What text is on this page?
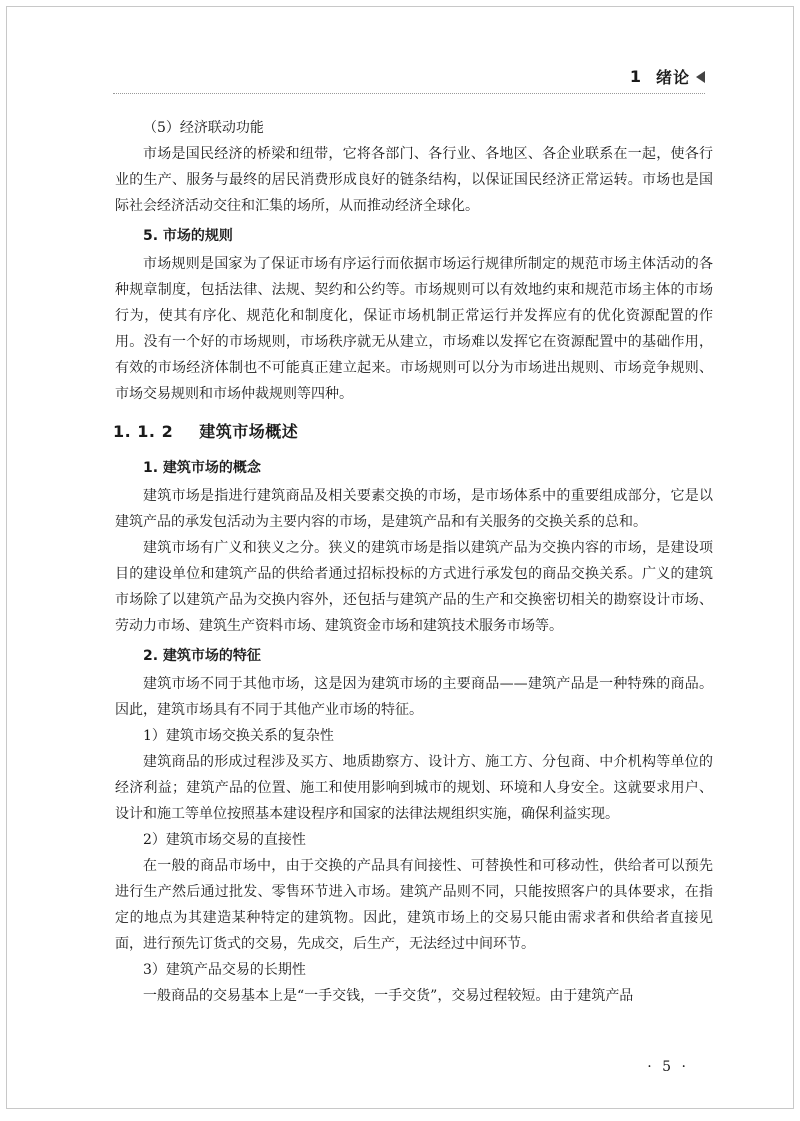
1 绪论

（5）经济联动功能

市场是国民经济的桥梁和纽带，它将各部门、各行业、各地区、各企业联系在一起，使各行业的生产、服务与最终的居民消费形成良好的链条结构，以保证国民经济正常运转。市场也是国际社会经济活动交往和汇集的场所，从而推动经济全球化。

5. 市场的规则

市场规则是国家为了保证市场有序运行而依据市场运行规律所制定的规范市场主体活动的各种规章制度，包括法律、法规、契约和公约等。市场规则可以有效地约束和规范市场主体的市场行为，使其有序化、规范化和制度化，保证市场机制正常运行并发挥应有的优化资源配置的作用。没有一个好的市场规则，市场秩序就无从建立，市场难以发挥它在资源配置中的基础作用，有效的市场经济体制也不可能真正建立起来。市场规则可以分为市场进出规则、市场竞争规则、市场交易规则和市场仲裁规则等四种。

1. 1. 2 建筑市场概述

1. 建筑市场的概念

建筑市场是指进行建筑商品及相关要素交换的市场，是市场体系中的重要组成部分，它是以建筑产品的承发包活动为主要内容的市场，是建筑产品和有关服务的交换关系的总和。

建筑市场有广义和狭义之分。狭义的建筑市场是指以建筑产品为交换内容的市场，是建设项目的建设单位和建筑产品的供给者通过招标投标的方式进行承发包的商品交换关系。广义的建筑市场除了以建筑产品为交换内容外，还包括与建筑产品的生产和交换密切相关的勘察设计市场、劳动力市场、建筑生产资料市场、建筑资金市场和建筑技术服务市场等。

2. 建筑市场的特征

建筑市场不同于其他市场，这是因为建筑市场的主要商品——建筑产品是一种特殊的商品。因此，建筑市场具有不同于其他产业市场的特征。

1）建筑市场交换关系的复杂性

建筑商品的形成过程涉及买方、地质勘察方、设计方、施工方、分包商、中介机构等单位的经济利益；建筑产品的位置、施工和使用影响到城市的规划、环境和人身安全。这就要求用户、设计和施工等单位按照基本建设程序和国家的法律法规组织实施，确保利益实现。

2）建筑市场交易的直接性

在一般的商品市场中，由于交换的产品具有间接性、可替换性和可移动性，供给者可以预先进行生产然后通过批发、零售环节进入市场。建筑产品则不同，只能按照客户的具体要求，在指定的地点为其建造某种特定的建筑物。因此，建筑市场上的交易只能由需求者和供给者直接见面，进行预先订货式的交易，先成交，后生产，无法经过中间环节。

3）建筑产品交易的长期性

一般商品的交易基本上是“一手交钱，一手交货”，交易过程较短。由于建筑产品

· 5 ·
